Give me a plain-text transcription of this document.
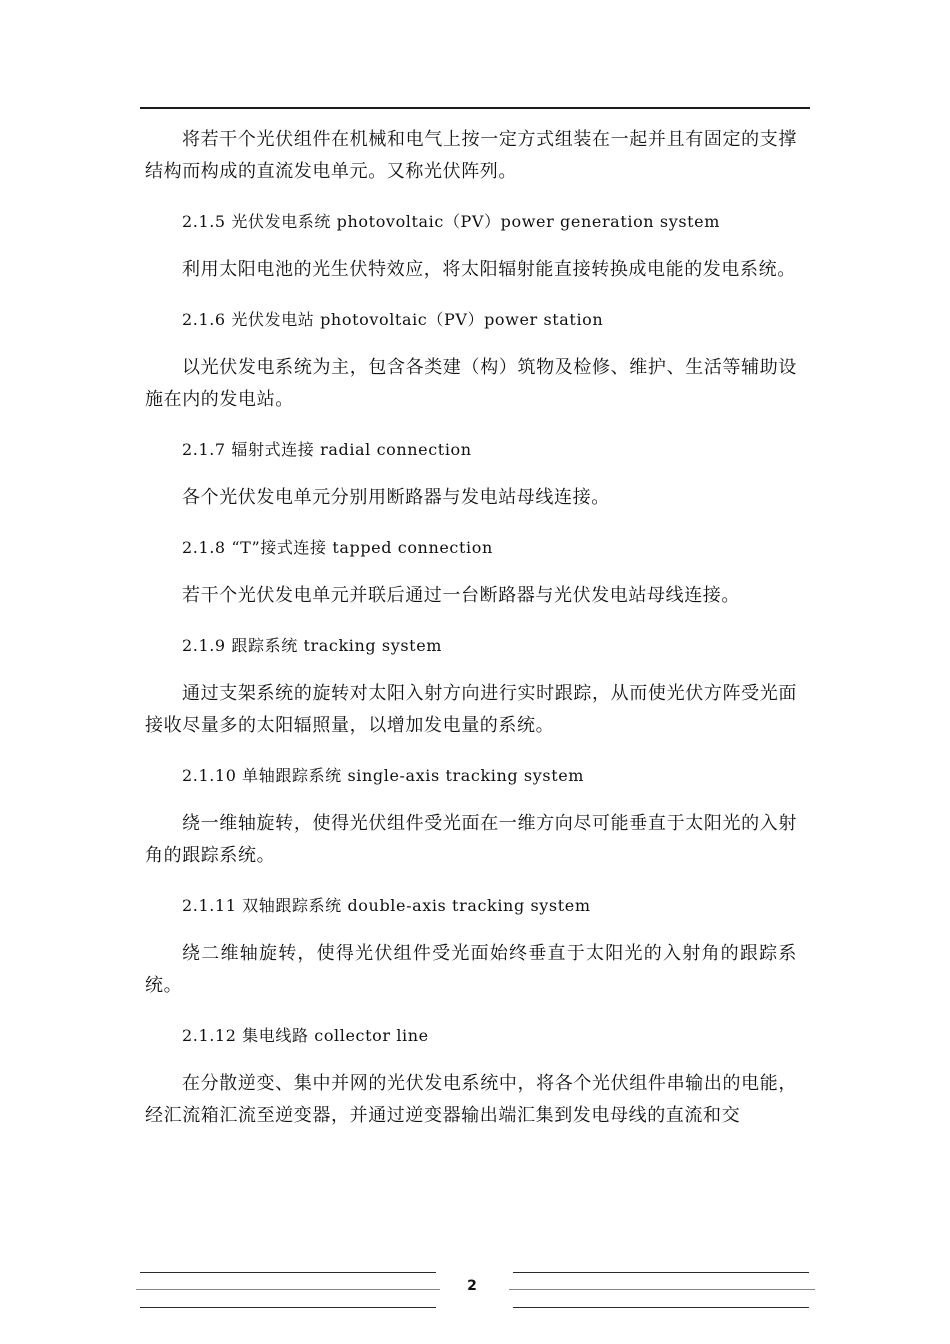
将若干个光伏组件在机械和电气上按一定方式组装在一起并且有固定的支撑结构而构成的直流发电单元。又称光伏阵列。

2.1.5 光伏发电系统 photovoltaic（PV）power generation system

利用太阳电池的光生伏特效应，将太阳辐射能直接转换成电能的发电系统。

2.1.6 光伏发电站 photovoltaic（PV）power station

以光伏发电系统为主，包含各类建（构）筑物及检修、维护、生活等辅助设施在内的发电站。

2.1.7 辐射式连接 radial connection

各个光伏发电单元分别用断路器与发电站母线连接。

2.1.8 “T”接式连接 tapped connection

若干个光伏发电单元并联后通过一台断路器与光伏发电站母线连接。

2.1.9 跟踪系统 tracking system

通过支架系统的旋转对太阳入射方向进行实时跟踪，从而使光伏方阵受光面接收尽量多的太阳辐照量，以增加发电量的系统。

2.1.10 单轴跟踪系统 single-axis tracking system

绕一维轴旋转，使得光伏组件受光面在一维方向尽可能垂直于太阳光的入射角的跟踪系统。

2.1.11 双轴跟踪系统 double-axis tracking system

绕二维轴旋转，使得光伏组件受光面始终垂直于太阳光的入射角的跟踪系统。

2.1.12 集电线路 collector line

在分散逆变、集中并网的光伏发电系统中，将各个光伏组件串输出的电能，经汇流箱汇流至逆变器，并通过逆变器输出端汇集到发电母线的直流和交

2
